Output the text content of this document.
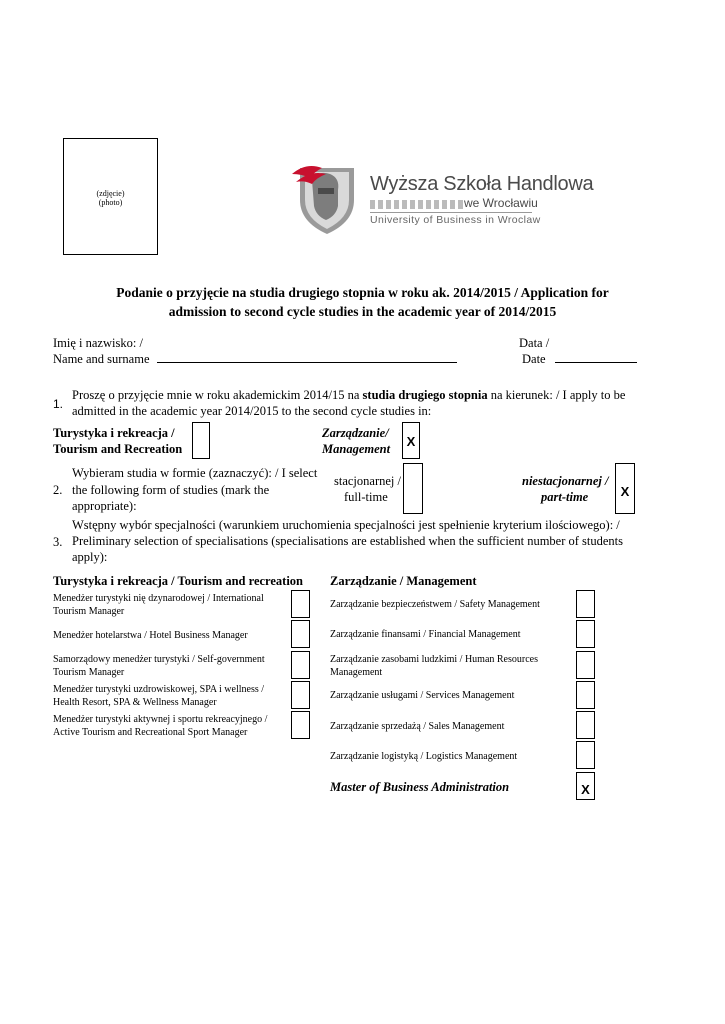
(zdjęcie)
(photo)
Wyższa Szkoła Handlowa
we Wrocławiu
University of Business in Wroclaw
Podanie o przyjęcie na studia drugiego stopnia w roku ak. 2014/2015 / Application for
admission to second cycle studies in the academic year of 2014/2015
Imię i nazwisko: /
Name and surname
Data /
Date
1.
Proszę o przyjęcie mnie w roku akademickim 2014/15 na studia drugiego stopnia na kierunek: / I apply to be
admitted in the academic year 2014/2015 to the second cycle studies in:
Turystyka i rekreacja /
Tourism and Recreation
Zarządzanie/
Management	X
2.
Wybieram studia w formie (zaznaczyć): / I select
the following form of studies (mark the
appropriate):
stacjonarnej /
full-time
niestacjonarnej /
part-time	X
3.
Wstępny wybór specjalności (warunkiem uruchomienia specjalności jest spełnienie kryterium ilościowego): /
Preliminary selection of specialisations (specialisations are established when the sufficient number of students
apply):
Turystyka i rekreacja / Tourism and recreation Zarządzanie / Management
Menedżer turystyki nię dzynarodowej / International
Tourism Manager
Menedżer hotelarstwa / Hotel Business Manager
Samorządowy menedżer turystyki / Self-government
Tourism Manager
Menedżer turystyki uzdrowiskowej, SPA i wellness /
Health Resort, SPA & Wellness Manager
Menedżer turystyki aktywnej i sportu rekreacyjnego /
Active Tourism and Recreational Sport Manager
Zarządzanie bezpieczeństwem / Safety Management
Zarządzanie finansami / Financial Management
Zarządzanie zasobami ludzkimi / Human Resources
Management
Zarządzanie usługami / Services Management
Zarządzanie sprzedażą / Sales Management
Zarządzanie logistyką / Logistics Management
Master of Business Administration	X
